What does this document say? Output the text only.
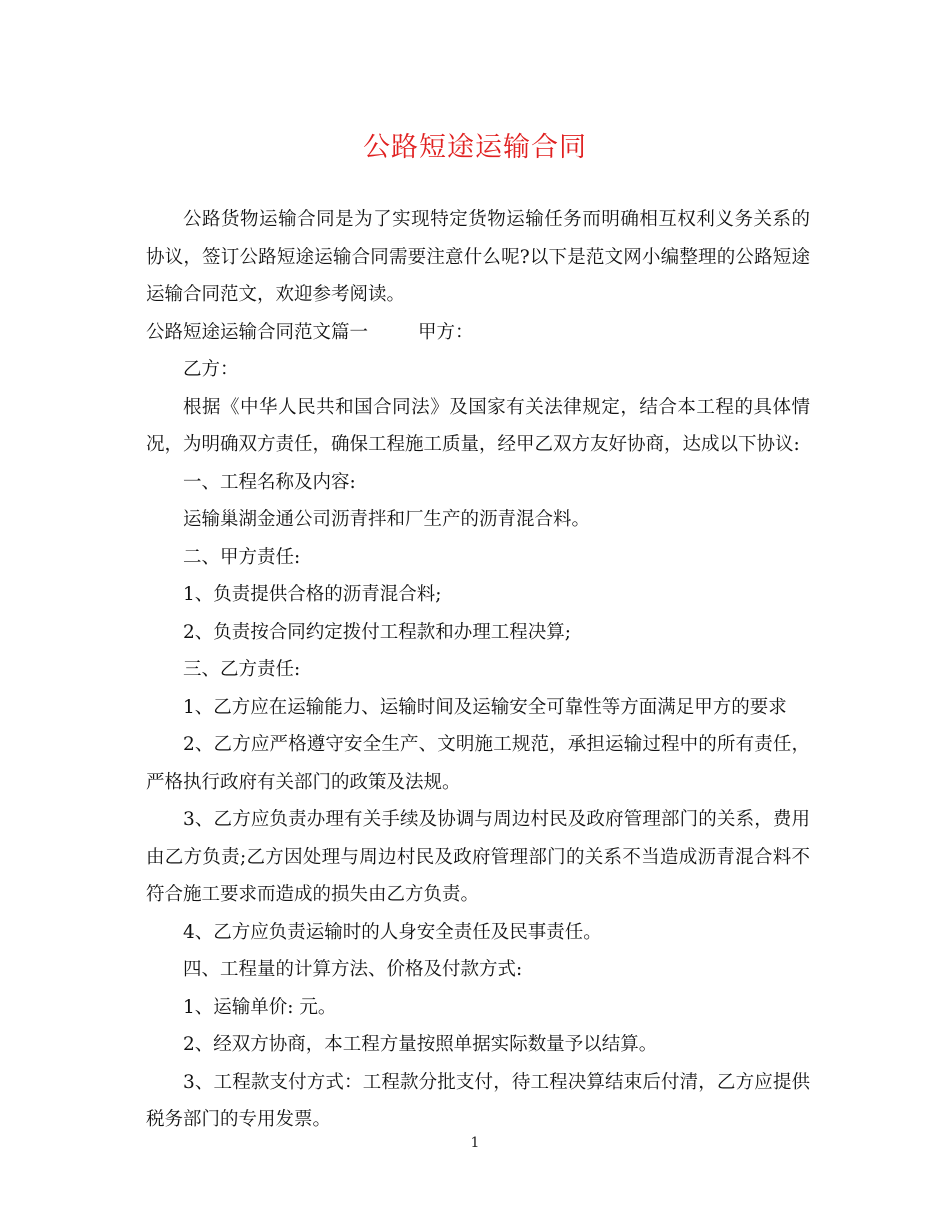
公路短途运输合同

公路货物运输合同是为了实现特定货物运输任务而明确相互权利义务关系的协议，签订公路短途运输合同需要注意什么呢?以下是范文网小编整理的公路短途运输合同范文，欢迎参考阅读。

公路短途运输合同范文篇一	甲方：

乙方：

根据《中华人民共和国合同法》及国家有关法律规定，结合本工程的具体情况，为明确双方责任，确保工程施工质量，经甲乙双方友好协商，达成以下协议:

一、工程名称及内容:

运输巢湖金通公司沥青拌和厂生产的沥青混合料。

二、甲方责任:

1、负责提供合格的沥青混合料;

2、负责按合同约定拨付工程款和办理工程决算;

三、乙方责任:

1、乙方应在运输能力、运输时间及运输安全可靠性等方面满足甲方的要求

2、乙方应严格遵守安全生产、文明施工规范，承担运输过程中的所有责任，严格执行政府有关部门的政策及法规。

3、乙方应负责办理有关手续及协调与周边村民及政府管理部门的关系，费用由乙方负责;乙方因处理与周边村民及政府管理部门的关系不当造成沥青混合料不符合施工要求而造成的损失由乙方负责。

4、乙方应负责运输时的人身安全责任及民事责任。

四、工程量的计算方法、价格及付款方式:

1、运输单价: 元。

2、经双方协商，本工程方量按照单据实际数量予以结算。

3、工程款支付方式：工程款分批支付，待工程决算结束后付清，乙方应提供税务部门的专用发票。

1
